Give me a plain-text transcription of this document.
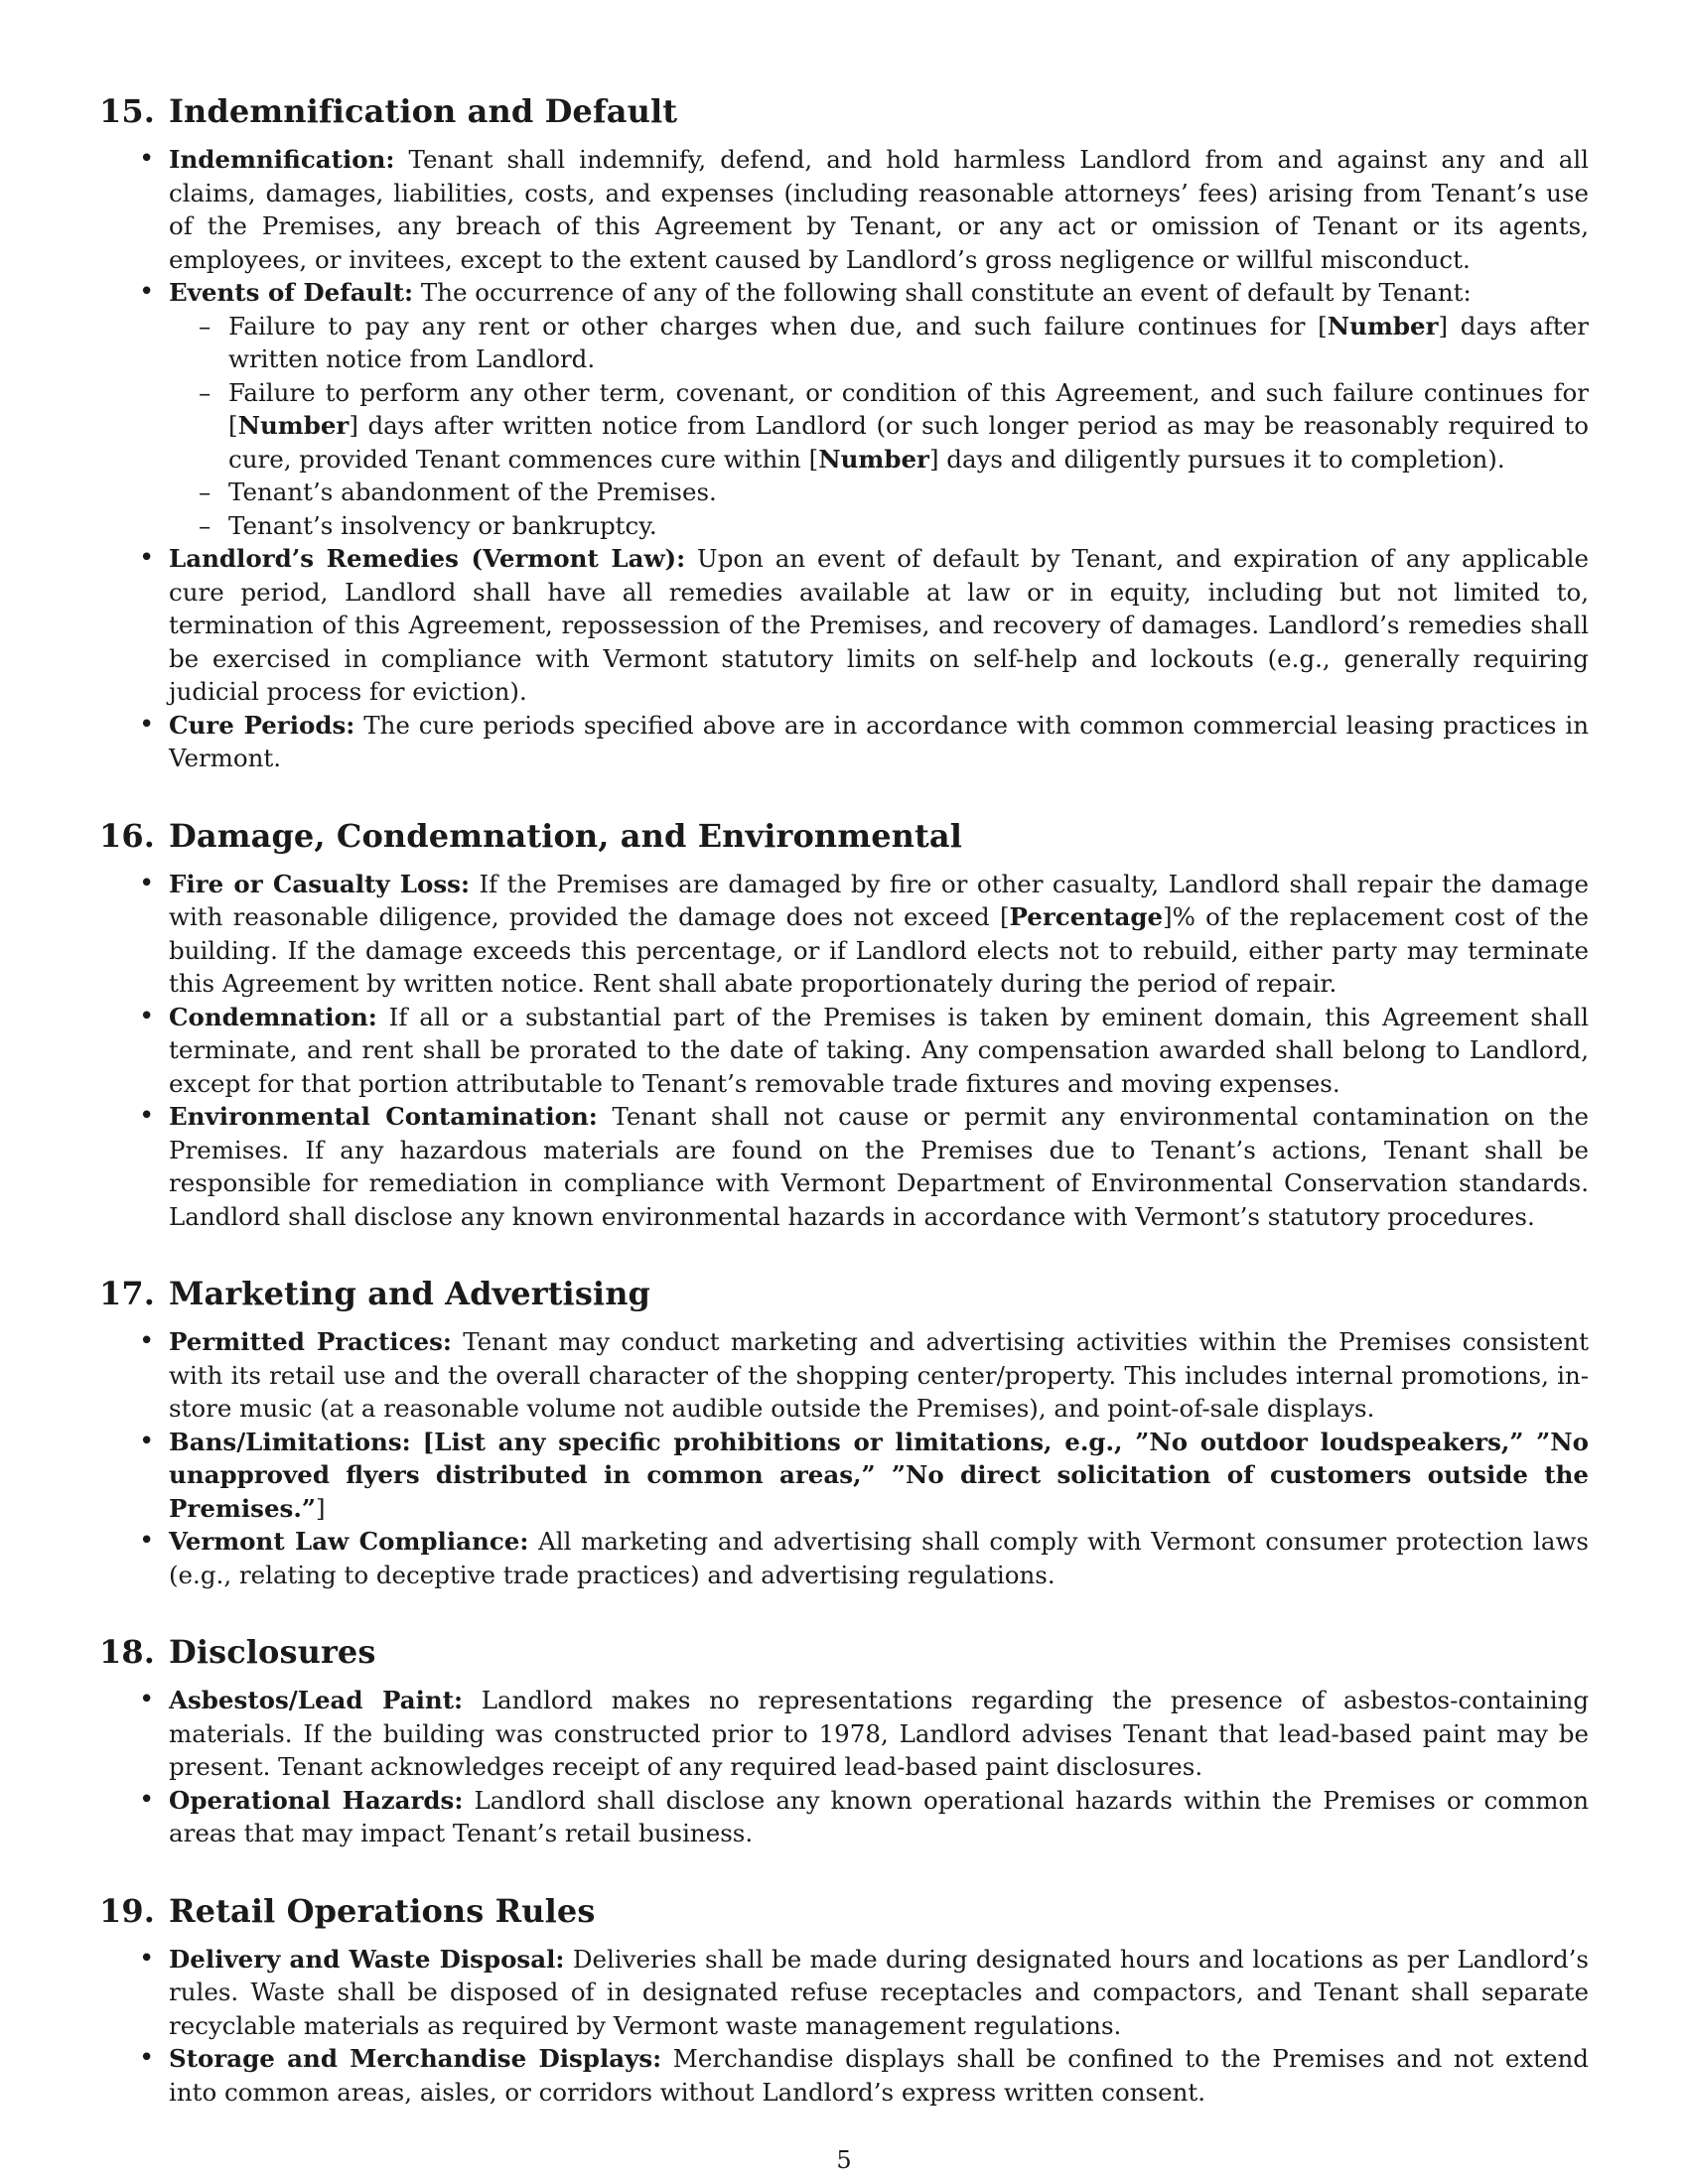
15. Indemnification and Default
• Indemnification: Tenant shall indemnify, defend, and hold harmless Landlord from and against any and all claims, damages, liabilities, costs, and expenses (including reasonable attorneys’ fees) arising from Tenant’s use of the Premises, any breach of this Agreement by Tenant, or any act or omission of Tenant or its agents, employees, or invitees, except to the extent caused by Landlord’s gross negligence or willful misconduct.
• Events of Default: The occurrence of any of the following shall constitute an event of default by Tenant:
– Failure to pay any rent or other charges when due, and such failure continues for [Number] days after written notice from Landlord.
– Failure to perform any other term, covenant, or condition of this Agreement, and such failure continues for [Number] days after written notice from Landlord (or such longer period as may be reasonably required to cure, provided Tenant commences cure within [Number] days and diligently pursues it to completion).
– Tenant’s abandonment of the Premises.
– Tenant’s insolvency or bankruptcy.
• Landlord’s Remedies (Vermont Law): Upon an event of default by Tenant, and expiration of any applicable cure period, Landlord shall have all remedies available at law or in equity, including but not limited to, termination of this Agreement, repossession of the Premises, and recovery of damages. Landlord’s remedies shall be exercised in compliance with Vermont statutory limits on self-help and lockouts (e.g., generally requiring judicial process for eviction).
• Cure Periods: The cure periods specified above are in accordance with common commercial leasing practices in Vermont.
16. Damage, Condemnation, and Environmental
• Fire or Casualty Loss: If the Premises are damaged by fire or other casualty, Landlord shall repair the damage with reasonable diligence, provided the damage does not exceed [Percentage]% of the replacement cost of the building. If the damage exceeds this percentage, or if Landlord elects not to rebuild, either party may terminate this Agreement by written notice. Rent shall abate proportionately during the period of repair.
• Condemnation: If all or a substantial part of the Premises is taken by eminent domain, this Agreement shall terminate, and rent shall be prorated to the date of taking. Any compensation awarded shall belong to Landlord, except for that portion attributable to Tenant’s removable trade fixtures and moving expenses.
• Environmental Contamination: Tenant shall not cause or permit any environmental contamination on the Premises. If any hazardous materials are found on the Premises due to Tenant’s actions, Tenant shall be responsible for remediation in compliance with Vermont Department of Environmental Conservation standards. Landlord shall disclose any known environmental hazards in accordance with Vermont’s statutory procedures.
17. Marketing and Advertising
• Permitted Practices: Tenant may conduct marketing and advertising activities within the Premises consistent with its retail use and the overall character of the shopping center/property. This includes internal promotions, in-store music (at a reasonable volume not audible outside the Premises), and point-of-sale displays.
• Bans/Limitations: [List any specific prohibitions or limitations, e.g., ”No outdoor loudspeakers,” ”No unapproved flyers distributed in common areas,” ”No direct solicitation of customers outside the Premises.”]
• Vermont Law Compliance: All marketing and advertising shall comply with Vermont consumer protection laws (e.g., relating to deceptive trade practices) and advertising regulations.
18. Disclosures
• Asbestos/Lead Paint: Landlord makes no representations regarding the presence of asbestos-containing materials. If the building was constructed prior to 1978, Landlord advises Tenant that lead-based paint may be present. Tenant acknowledges receipt of any required lead-based paint disclosures.
• Operational Hazards: Landlord shall disclose any known operational hazards within the Premises or common areas that may impact Tenant’s retail business.
19. Retail Operations Rules
• Delivery and Waste Disposal: Deliveries shall be made during designated hours and locations as per Landlord’s rules. Waste shall be disposed of in designated refuse receptacles and compactors, and Tenant shall separate recyclable materials as required by Vermont waste management regulations.
• Storage and Merchandise Displays: Merchandise displays shall be confined to the Premises and not extend into common areas, aisles, or corridors without Landlord’s express written consent.
5
